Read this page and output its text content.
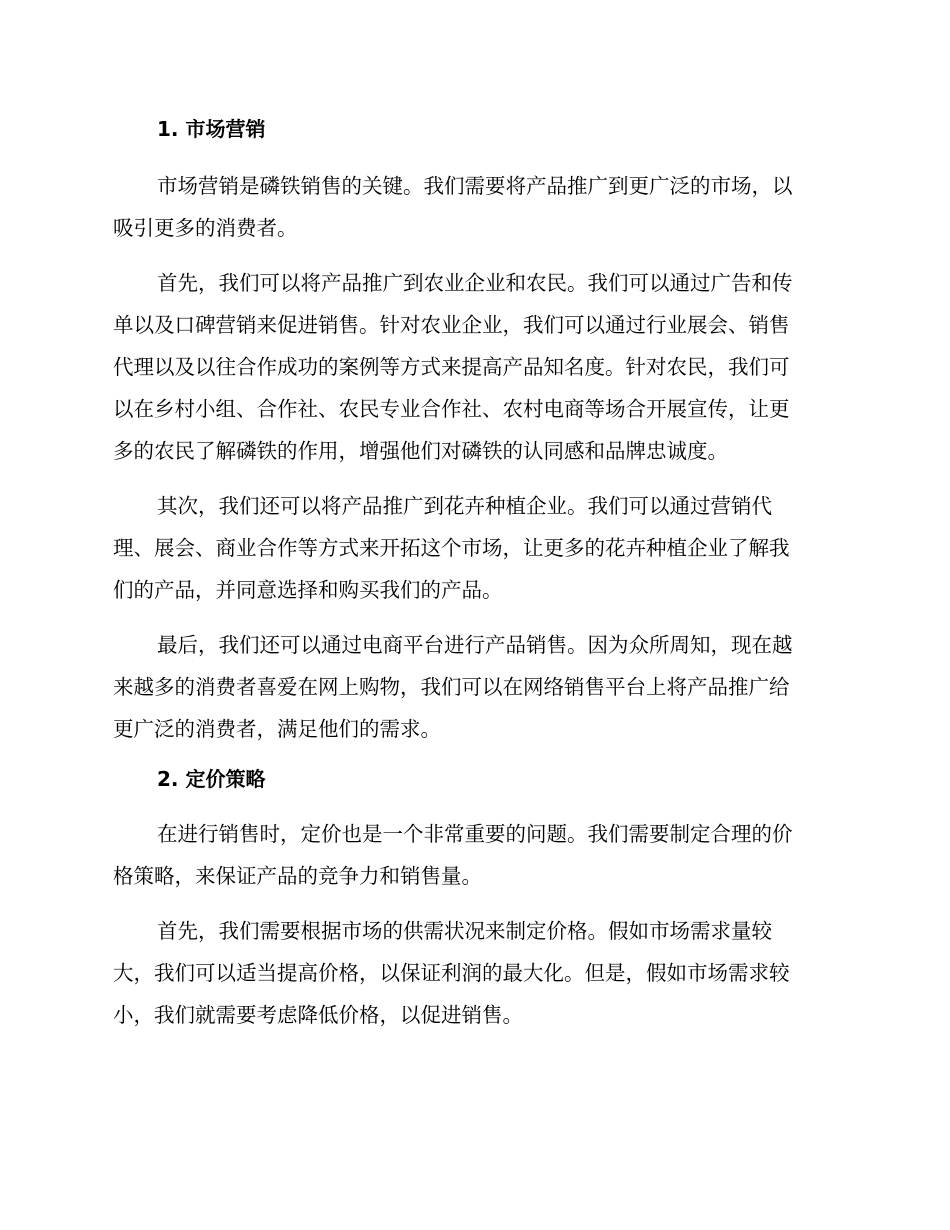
1. 市场营销

市场营销是磷铁销售的关键。我们需要将产品推广到更广泛的市场，以
吸引更多的消费者。

首先，我们可以将产品推广到农业企业和农民。我们可以通过广告和传
单以及口碑营销来促进销售。针对农业企业，我们可以通过行业展会、销售
代理以及以往合作成功的案例等方式来提高产品知名度。针对农民，我们可
以在乡村小组、合作社、农民专业合作社、农村电商等场合开展宣传，让更
多的农民了解磷铁的作用，增强他们对磷铁的认同感和品牌忠诚度。

其次，我们还可以将产品推广到花卉种植企业。我们可以通过营销代
理、展会、商业合作等方式来开拓这个市场，让更多的花卉种植企业了解我
们的产品，并同意选择和购买我们的产品。

最后，我们还可以通过电商平台进行产品销售。因为众所周知，现在越
来越多的消费者喜爱在网上购物，我们可以在网络销售平台上将产品推广给
更广泛的消费者，满足他们的需求。

2. 定价策略

在进行销售时，定价也是一个非常重要的问题。我们需要制定合理的价
格策略，来保证产品的竞争力和销售量。

首先，我们需要根据市场的供需状况来制定价格。假如市场需求量较
大，我们可以适当提高价格，以保证利润的最大化。但是，假如市场需求较
小，我们就需要考虑降低价格，以促进销售。
